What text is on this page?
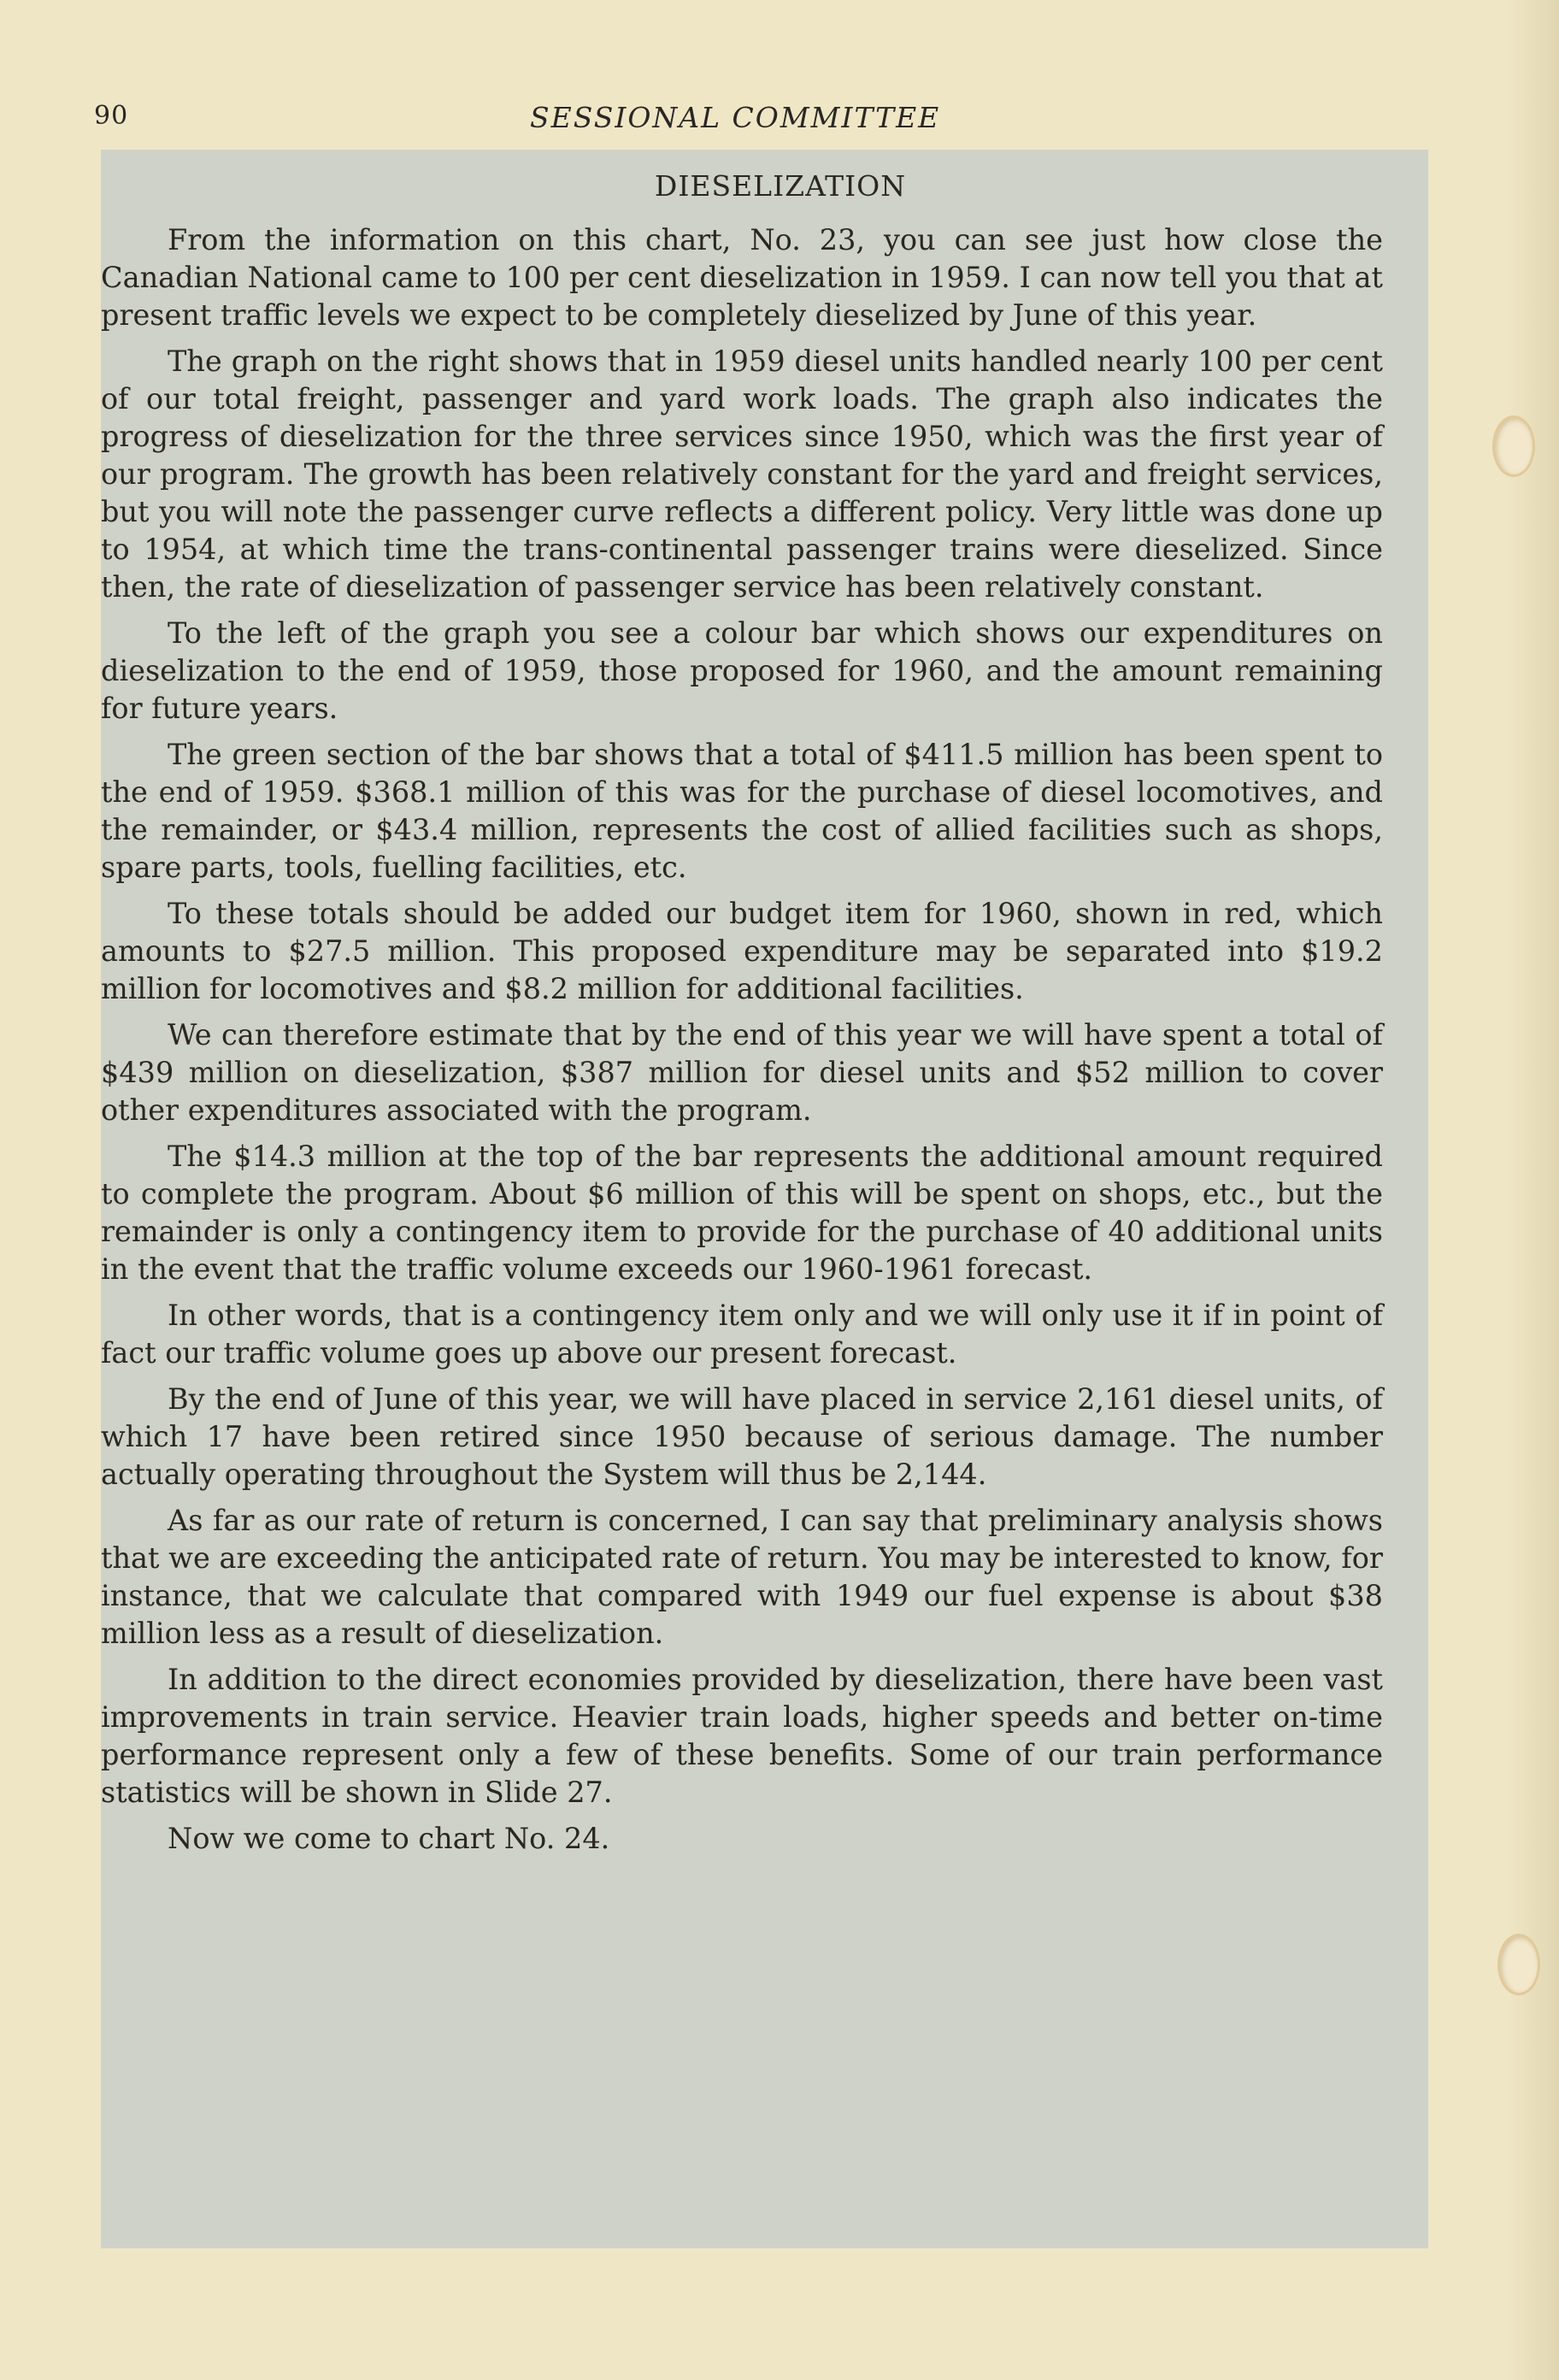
90	SESSIONAL COMMITTEE
DIESELIZATION

From the information on this chart, No. 23, you can see just how close the Canadian National came to 100 per cent dieselization in 1959. I can now tell you that at present traffic levels we expect to be completely dieselized by June of this year.

The graph on the right shows that in 1959 diesel units handled nearly 100 per cent of our total freight, passenger and yard work loads. The graph also indicates the progress of dieselization for the three services since 1950, which was the first year of our program. The growth has been relatively constant for the yard and freight services, but you will note the passenger curve reflects a different policy. Very little was done up to 1954, at which time the trans-continental passenger trains were dieselized. Since then, the rate of dieselization of passenger service has been relatively constant.

To the left of the graph you see a colour bar which shows our expenditures on dieselization to the end of 1959, those proposed for 1960, and the amount remaining for future years.

The green section of the bar shows that a total of $411.5 million has been spent to the end of 1959. $368.1 million of this was for the purchase of diesel locomotives, and the remainder, or $43.4 million, represents the cost of allied facilities such as shops, spare parts, tools, fuelling facilities, etc.

To these totals should be added our budget item for 1960, shown in red, which amounts to $27.5 million. This proposed expenditure may be separated into $19.2 million for locomotives and $8.2 million for additional facilities.

We can therefore estimate that by the end of this year we will have spent a total of $439 million on dieselization, $387 million for diesel units and $52 million to cover other expenditures associated with the program.

The $14.3 million at the top of the bar represents the additional amount required to complete the program. About $6 million of this will be spent on shops, etc., but the remainder is only a contingency item to provide for the purchase of 40 additional units in the event that the traffic volume exceeds our 1960-1961 forecast.

In other words, that is a contingency item only and we will only use it if in point of fact our traffic volume goes up above our present forecast.

By the end of June of this year, we will have placed in service 2,161 diesel units, of which 17 have been retired since 1950 because of serious damage. The number actually operating throughout the System will thus be 2,144.

As far as our rate of return is concerned, I can say that preliminary analysis shows that we are exceeding the anticipated rate of return. You may be interested to know, for instance, that we calculate that compared with 1949 our fuel expense is about $38 million less as a result of dieselization.

In addition to the direct economies provided by dieselization, there have been vast improvements in train service. Heavier train loads, higher speeds and better on-time performance represent only a few of these benefits. Some of our train performance statistics will be shown in Slide 27.

Now we come to chart No. 24.
